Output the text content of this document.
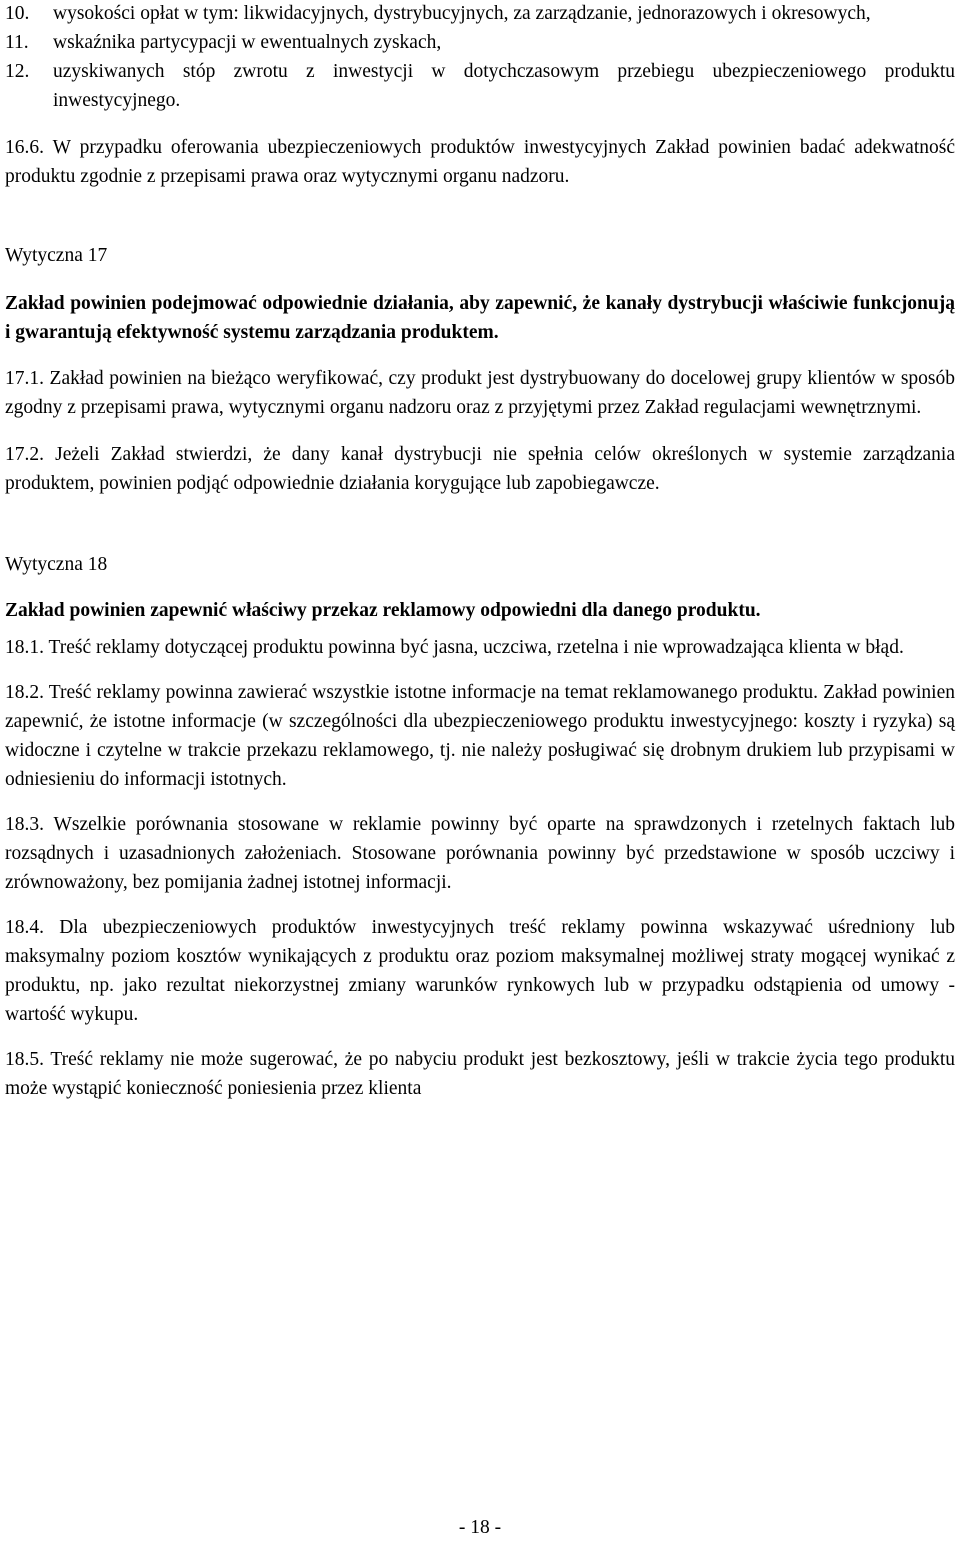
10. wysokości opłat w tym: likwidacyjnych, dystrybucyjnych, za zarządzanie, jednorazowych i okresowych,
11. wskaźnika partycypacji w ewentualnych zyskach,
12. uzyskiwanych stóp zwrotu z inwestycji w dotychczasowym przebiegu ubezpieczeniowego produktu inwestycyjnego.

16.6. W przypadku oferowania ubezpieczeniowych produktów inwestycyjnych Zakład powinien badać adekwatność produktu zgodnie z przepisami prawa oraz wytycznymi organu nadzoru.

Wytyczna 17

Zakład powinien podejmować odpowiednie działania, aby zapewnić, że kanały dystrybucji właściwie funkcjonują i gwarantują efektywność systemu zarządzania produktem.

17.1. Zakład powinien na bieżąco weryfikować, czy produkt jest dystrybuowany do docelowej grupy klientów w sposób zgodny z przepisami prawa, wytycznymi organu nadzoru oraz z przyjętymi przez Zakład regulacjami wewnętrznymi.

17.2. Jeżeli Zakład stwierdzi, że dany kanał dystrybucji nie spełnia celów określonych w systemie zarządzania produktem, powinien podjąć odpowiednie działania korygujące lub zapobiegawcze.

Wytyczna 18

Zakład powinien zapewnić właściwy przekaz reklamowy odpowiedni dla danego produktu.

18.1. Treść reklamy dotyczącej produktu powinna być jasna, uczciwa, rzetelna i nie wprowadzająca klienta w błąd.

18.2. Treść reklamy powinna zawierać wszystkie istotne informacje na temat reklamowanego produktu. Zakład powinien zapewnić, że istotne informacje (w szczególności dla ubezpieczeniowego produktu inwestycyjnego: koszty i ryzyka) są widoczne i czytelne w trakcie przekazu reklamowego, tj. nie należy posługiwać się drobnym drukiem lub przypisami w odniesieniu do informacji istotnych.

18.3. Wszelkie porównania stosowane w reklamie powinny być oparte na sprawdzonych i rzetelnych faktach lub rozsądnych i uzasadnionych założeniach. Stosowane porównania powinny być przedstawione w sposób uczciwy i zrównoważony, bez pomijania żadnej istotnej informacji.

18.4. Dla ubezpieczeniowych produktów inwestycyjnych treść reklamy powinna wskazywać uśredniony lub maksymalny poziom kosztów wynikających z produktu oraz poziom maksymalnej możliwej straty mogącej wynikać z produktu, np. jako rezultat niekorzystnej zmiany warunków rynkowych lub w przypadku odstąpienia od umowy - wartość wykupu.

18.5. Treść reklamy nie może sugerować, że po nabyciu produkt jest bezkosztowy, jeśli w trakcie życia tego produktu może wystąpić konieczność poniesienia przez klienta

- 18 -
